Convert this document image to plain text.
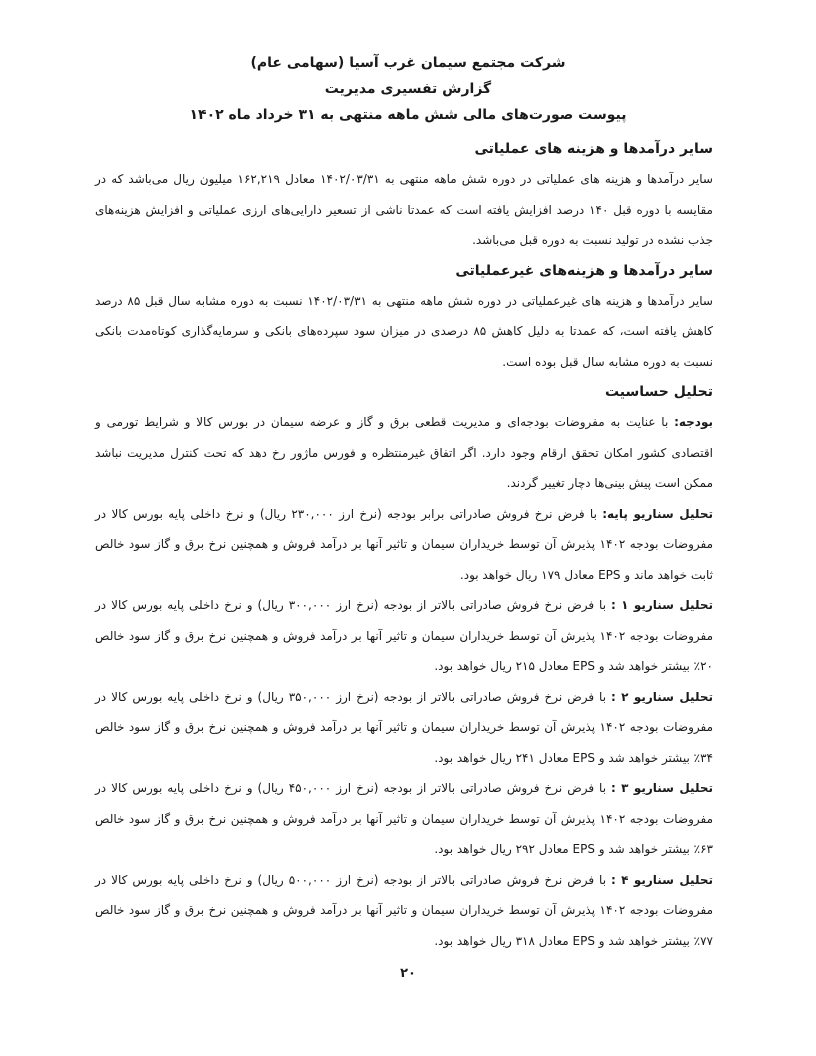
شرکت مجتمع سیمان غرب آسیا (سهامی عام)
گزارش تفسیری مدیریت
پیوست صورت‌های مالی شش ماهه منتهی به ۳۱ خرداد ماه ۱۴۰۲
سایر درآمدها و هزینه های عملیاتی

سایر درآمدها و هزینه های عملیاتی در دوره شش ماهه منتهی به ۱۴۰۲/۰۳/۳۱ معادل ۱۶۲,۲۱۹ میلیون ریال می‌باشد که در مقایسه با دوره قبل ۱۴۰ درصد افزایش یافته است که عمدتا ناشی از تسعیر دارایی‌های ارزی عملیاتی و افزایش هزینه‌های جذب نشده در تولید نسبت به دوره قبل می‌باشد.

سایر درآمدها و هزینه‌های غیرعملیاتی

سایر درآمدها و هزینه های غیرعملیاتی در دوره شش ماهه منتهی به ۱۴۰۲/۰۳/۳۱ نسبت به دوره مشابه سال قبل ۸۵ درصد کاهش یافته است، که عمدتا به دلیل کاهش ۸۵ درصدی در میزان سود سپرده‌های بانکی و سرمایه‌گذاری کوتاه‌مدت بانکی نسبت به دوره مشابه سال قبل بوده است.

تحلیل حساسیت

بودجه: با عنایت به مفروضات بودجه‌ای و مدیریت قطعی برق و گاز و عرضه سیمان در بورس کالا و شرایط تورمی و اقتصادی کشور امکان تحقق ارقام وجود دارد. اگر اتفاق غیرمنتظره و فورس ماژور رخ دهد که تحت کنترل مدیریت نباشد ممکن است پیش بینی‌ها دچار تغییر گردند.

تحلیل سناریو پایه: با فرض نرخ فروش صادراتی برابر بودجه (نرخ ارز ۲۳۰,۰۰۰ ریال) و نرخ داخلی پایه بورس کالا در مفروضات بودجه ۱۴۰۲ پذیرش آن توسط خریداران سیمان و تاثیر آنها بر درآمد فروش و همچنین نرخ برق و گاز سود خالص ثابت خواهد ماند و EPS معادل ۱۷۹ ریال خواهد بود.

تحلیل سناریو ۱ : با فرض نرخ فروش صادراتی بالاتر از بودجه (نرخ ارز ۳۰۰,۰۰۰ ریال) و نرخ داخلی پایه بورس کالا در مفروضات بودجه ۱۴۰۲ پذیرش آن توسط خریداران سیمان و تاثیر آنها بر درآمد فروش و همچنین نرخ برق و گاز سود خالص ۲۰٪ بیشتر خواهد شد و EPS معادل ۲۱۵ ریال خواهد بود.

تحلیل سناریو ۲ : با فرض نرخ فروش صادراتی بالاتر از بودجه (نرخ ارز ۳۵۰,۰۰۰ ریال) و نرخ داخلی پایه بورس کالا در مفروضات بودجه ۱۴۰۲ پذیرش آن توسط خریداران سیمان و تاثیر آنها بر درآمد فروش و همچنین نرخ برق و گاز سود خالص ۳۴٪ بیشتر خواهد شد و EPS معادل ۲۴۱ ریال خواهد بود.

تحلیل سناریو ۳ : با فرض نرخ فروش صادراتی بالاتر از بودجه (نرخ ارز ۴۵۰,۰۰۰ ریال) و نرخ داخلی پایه بورس کالا در مفروضات بودجه ۱۴۰۲ پذیرش آن توسط خریداران سیمان و تاثیر آنها بر درآمد فروش و همچنین نرخ برق و گاز سود خالص ۶۳٪ بیشتر خواهد شد و EPS معادل ۲۹۲ ریال خواهد بود.

تحلیل سناریو ۴ : با فرض نرخ فروش صادراتی بالاتر از بودجه (نرخ ارز ۵۰۰,۰۰۰ ریال) و نرخ داخلی پایه بورس کالا در مفروضات بودجه ۱۴۰۲ پذیرش آن توسط خریداران سیمان و تاثیر آنها بر درآمد فروش و همچنین نرخ برق و گاز سود خالص ۷۷٪ بیشتر خواهد شد و EPS معادل ۳۱۸ ریال خواهد بود.

۲۰
